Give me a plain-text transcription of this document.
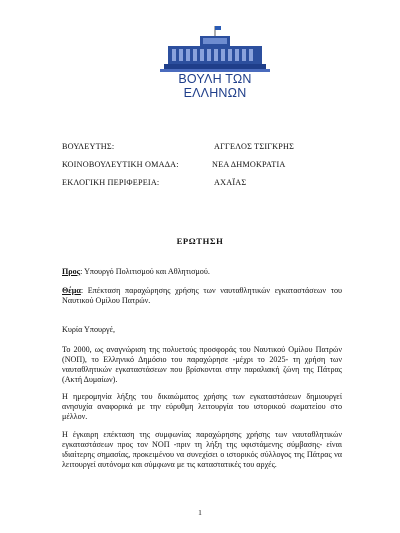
ΒΟΥΛΗ ΤΩΝ ΕΛΛΗΝΩΝ
ΒΟΥΛΕΥΤΗΣ:	ΑΓΓΕΛΟΣ ΤΣΙΓΚΡΗΣ
ΚΟΙΝΟΒΟΥΛΕΥΤΙΚΗ ΟΜΑΔΑ:	ΝΕΑ ΔΗΜΟΚΡΑΤΙΑ
ΕΚΛΟΓΙΚΗ ΠΕΡΙΦΕΡΕΙΑ:	ΑΧΑΪΑΣ
ΕΡΩΤΗΣΗ
Προς: Υπουργό Πολιτισμού και Αθλητισμού.
Θέμα: Επέκταση παραχώρησης χρήσης των ναυταθλητικών εγκαταστάσεων του Ναυτικού Ομίλου Πατρών.
Κυρία Υπουργέ,
Το 2000, ως αναγνώριση της πολυετούς προσφοράς του Ναυτικού Ομίλου Πατρών (ΝΟΠ), το Ελληνικό Δημόσιο του παραχώρησε -μέχρι το 2025- τη χρήση των ναυταθλητικών εγκαταστάσεων που βρίσκονται στην παραλιακή ζώνη της Πάτρας (Ακτή Δυμαίων).
Η ημερομηνία λήξης του δικαιώματος χρήσης των εγκαταστάσεων δημιουργεί ανησυχία αναφορικά με την εύρυθμη λειτουργία του ιστορικού σωματείου στο μέλλον.
Η έγκαιρη επέκταση της συμφωνίας παραχώρησης χρήσης των ναυταθλητικών εγκαταστάσεων προς τον ΝΟΠ -πριν τη λήξη της υφιστάμενης σύμβασης- είναι ιδιαίτερης σημασίας, προκειμένου να συνεχίσει ο ιστορικός σύλλογος της Πάτρας να λειτουργεί αυτόνομα και σύμφωνα με τις καταστατικές του αρχές.
1
